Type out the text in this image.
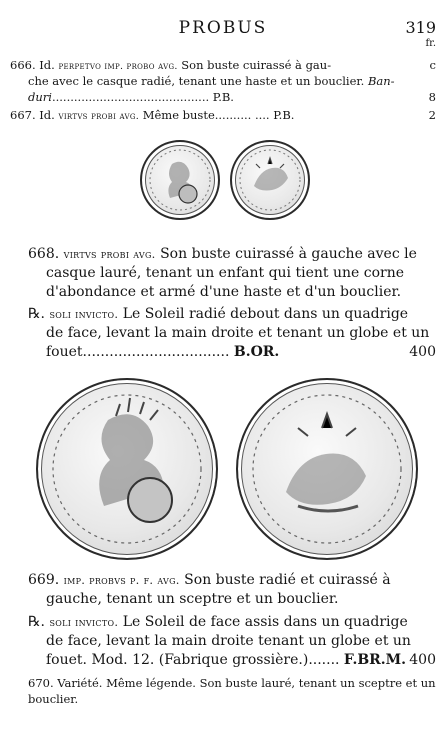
PROBUS	319
fr.
666. Id. perpetvo imp. probo avg. Son buste cuirassé à gau-	c
che avec le casque radié, tenant une haste et un bouclier. Ban-
duri........................................... P.B.	8
667. Id. virtvs probi avg. Même buste.......... .... P.B.	2
668. virtvs probi avg. Son buste cuirassé à gauche avec le
casque lauré, tenant un enfant qui tient une corne
d'abondance et armé d'une haste et d'un bouclier.
℞. soli invicto. Le Soleil radié debout dans un quadrige
de face, levant la main droite et tenant un globe et un
fouet................................. B.OR.	400
669. imp. probvs p. f. avg. Son buste radié et cuirassé à
gauche, tenant un sceptre et un bouclier.
℞. soli invicto. Le Soleil de face assis dans un quadrige
de face, levant la main droite tenant un globe et un
fouet. Mod. 12. (Fabrique grossière.)....... F.BR.M. 400
670. Variété. Même légende. Son buste lauré, tenant un sceptre et un
bouclier.
